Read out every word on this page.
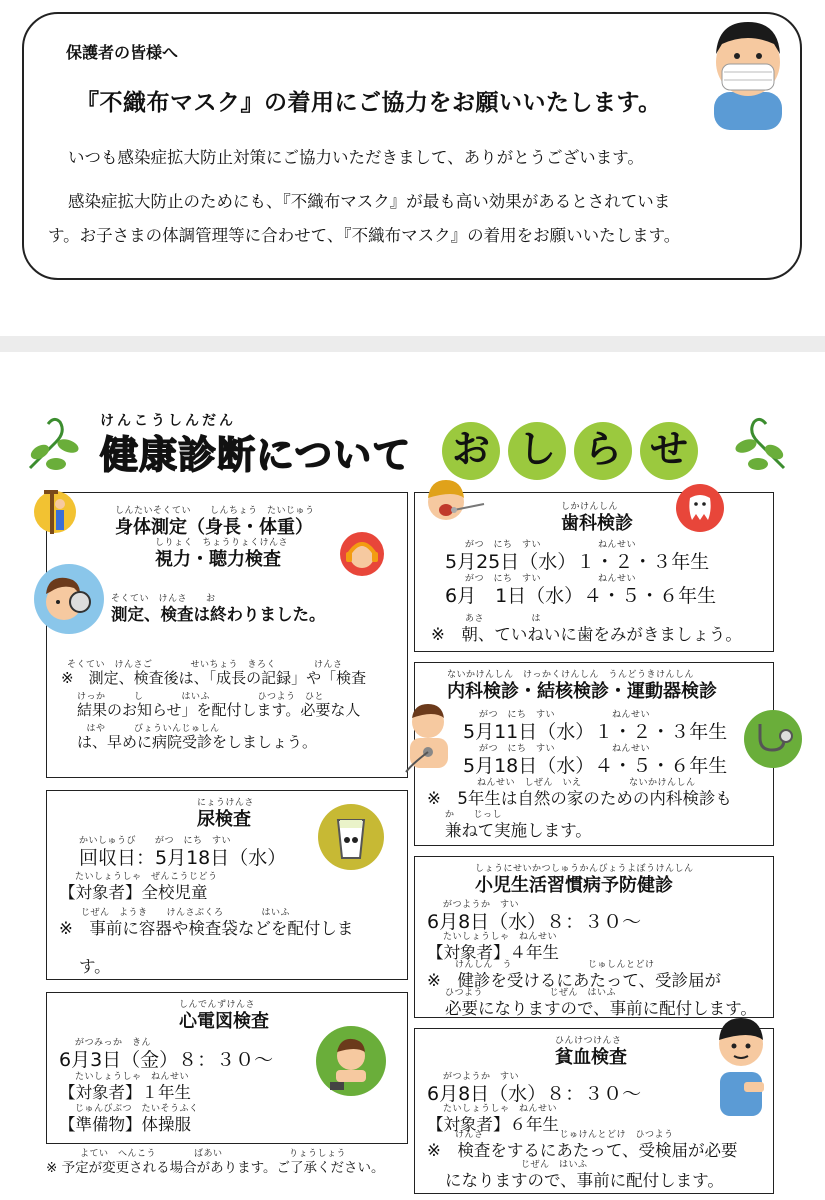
保護者の皆様へ
『不織布マスク』の着用にご協力をお願いいたします。
いつも感染症拡大防止対策にご協力いただきまして、ありがとうございます。
感染症拡大防止のためにも、『不織布マスク』が最も高い効果があるとされていま
す。お子さまの体調管理等に合わせて、『不織布マスク』の着用をお願いいたします。
けんこうしんだん
健康診断について お し ら せ
しんたいそくてい　　しんちょう　たいじゅう
身体測定（身長・体重）
しりょく　ちょうりょくけんさ
視力・聴力検査
そくてい　けんさ　　お
測定、検査は終わりました。
そくてい　けんさご　　　　せいちょう　きろく　　　　けんさ
※　測定、検査後は、「成長の記録」や「検査
けっか　　　し　　　　はいふ　　　　　ひつよう　ひと
結果のお知らせ」を配付します。必要な人
　はや　　　びょういんじゅしん
は、早めに病院受診をしましょう。
にょうけんさ
尿検査
かいしゅうび　　がつ　にち　すい
回収日：5月18日（水）
たいしょうしゃ　ぜんこうじどう
【対象者】全校児童
じぜん　ようき　　けんさぶくろ　　　　はいふ
※　事前に容器や検査袋などを配付しま
す。
しんでんずけんさ
心電図検査
がつみっか　きん
6月3日（金）８：３０～
たいしょうしゃ　ねんせい
【対象者】１年生
じゅんびぶつ　たいそうふく
【準備物】体操服
よてい　へんこう　　　　ばあい　　　　　　　りょうしょう
※ 予定が変更される場合があります。ご了承ください。
しかけんしん
歯科検診
がつ　にち　すい　　　　　　ねんせい
5月25日（水）１・２・３年生
がつ　にち　すい　　　　　　ねんせい
6月　1日（水）４・５・６年生
あさ　　　　　は
※　朝、ていねいに歯をみがきましょう。
ないかけんしん　けっかくけんしん　うんどうきけんしん
内科検診・結核検診・運動器検診
がつ　にち　すい　　　　　　ねんせい
5月11日（水）１・２・３年生
がつ　にち　すい　　　　　　ねんせい
5月18日（水）４・５・６年生
ねんせい　しぜん　いえ　　　　　ないかけんしん
※　5年生は自然の家のための内科検診も
か　　じっし
兼ねて実施します。
しょうにせいかつしゅうかんびょうよぼうけんしん
小児生活習慣病予防健診
がつようか　すい
6月8日（水）８：３０～
たいしょうしゃ　ねんせい
【対象者】４年生
けんしん　う　　　　　　　　じゅしんとどけ
※　健診を受けるにあたって、受診届が
ひつよう　　　　　　　じぜん　はいふ
必要になりますので、事前に配付します。
ひんけつけんさ
貧血検査
がつようか　すい
6月8日（水）８：３０～
たいしょうしゃ　ねんせい
【対象者】６年生
けんさ　　　　　　　　じゅけんとどけ　ひつよう
※　検査をするにあたって、受検届が必要
　　　　　　　　じぜん　はいふ
になりますので、事前に配付します。
